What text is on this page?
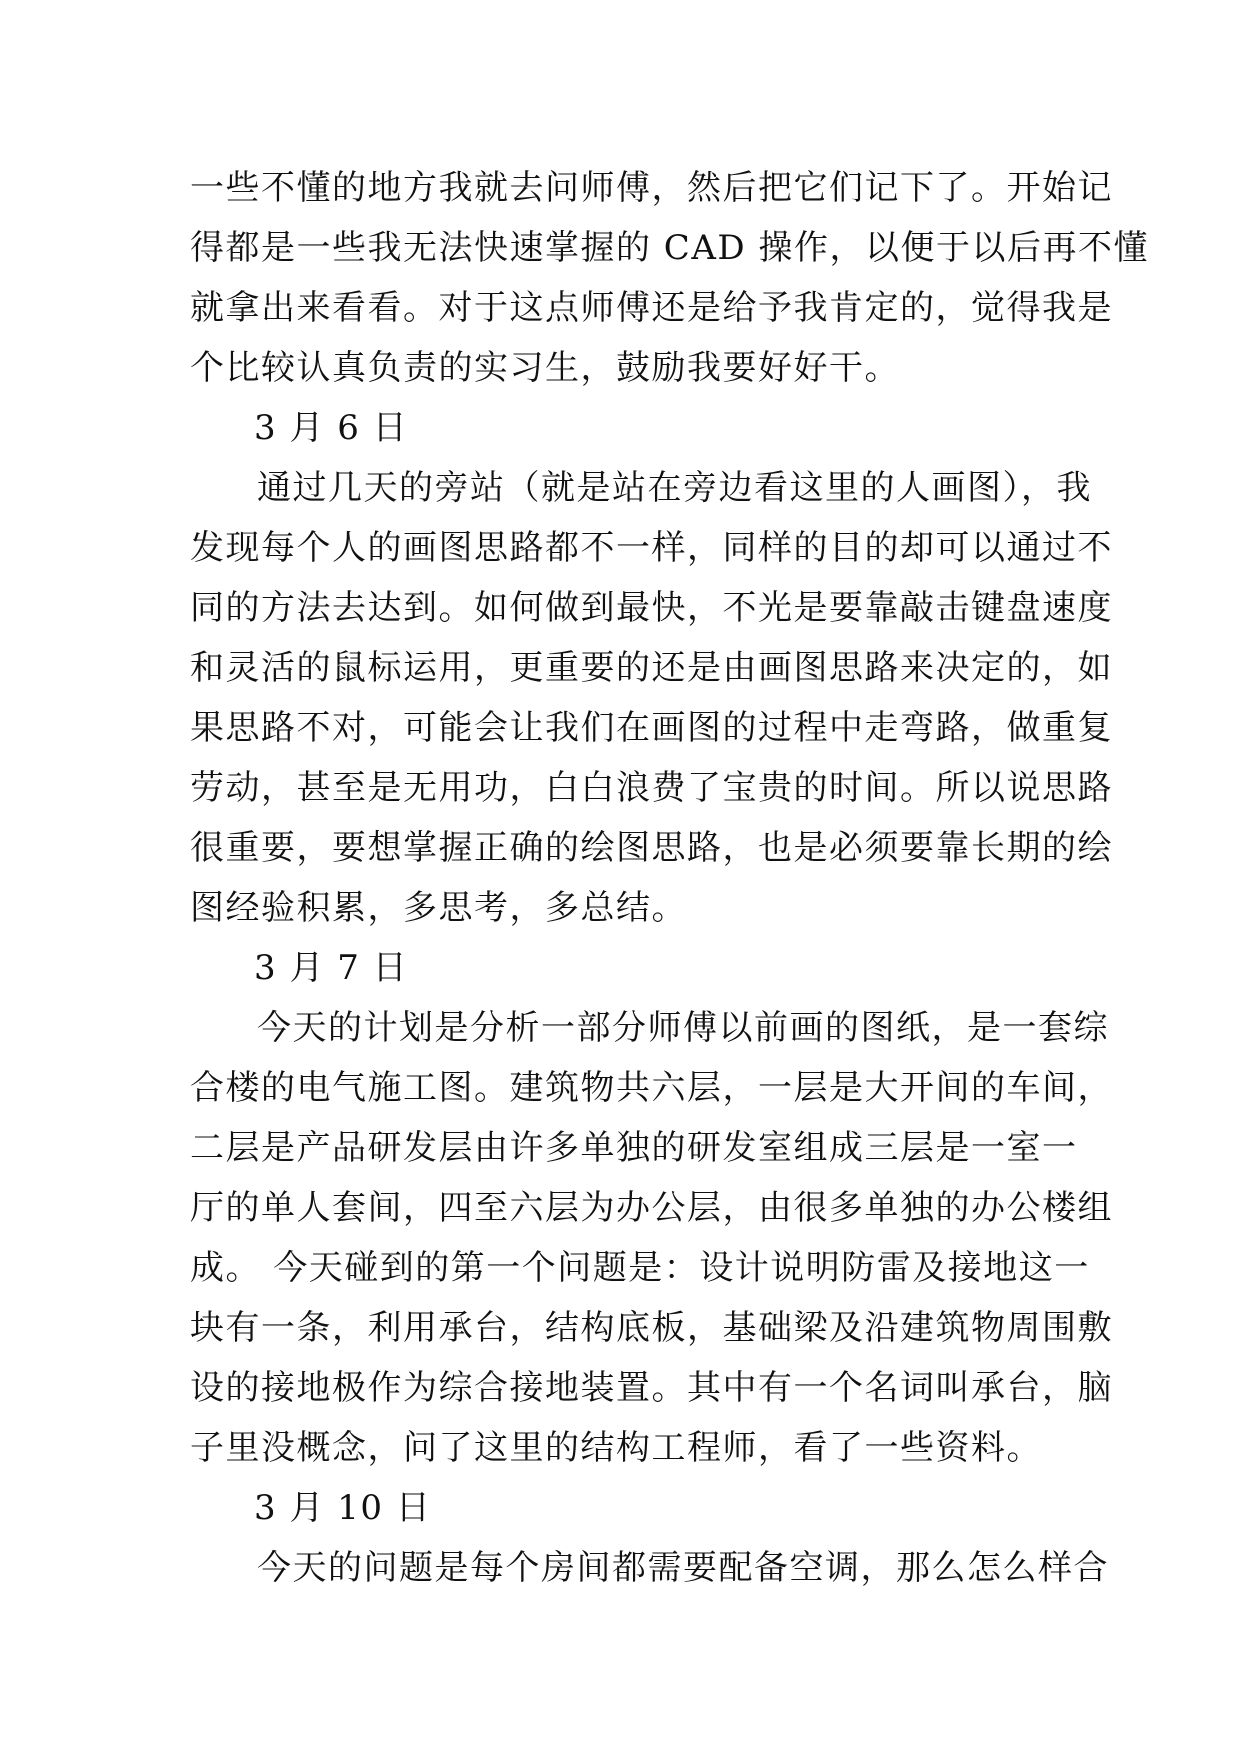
一些不懂的地方我就去问师傅，然后把它们记下了。开始记
得都是一些我无法快速掌握的 CAD 操作，以便于以后再不懂
就拿出来看看。对于这点师傅还是给予我肯定的，觉得我是
个比较认真负责的实习生，鼓励我要好好干。
3 月 6 日
通过几天的旁站（就是站在旁边看这里的人画图），我
发现每个人的画图思路都不一样，同样的目的却可以通过不
同的方法去达到。如何做到最快，不光是要靠敲击键盘速度
和灵活的鼠标运用，更重要的还是由画图思路来决定的，如
果思路不对，可能会让我们在画图的过程中走弯路，做重复
劳动，甚至是无用功，白白浪费了宝贵的时间。所以说思路
很重要，要想掌握正确的绘图思路，也是必须要靠长期的绘
图经验积累，多思考，多总结。
3 月 7 日
今天的计划是分析一部分师傅以前画的图纸，是一套综
合楼的电气施工图。建筑物共六层，一层是大开间的车间，
二层是产品研发层由许多单独的研发室组成三层是一室一
厅的单人套间，四至六层为办公层，由很多单独的办公楼组
成。 今天碰到的第一个问题是：设计说明防雷及接地这一
块有一条，利用承台，结构底板，基础梁及沿建筑物周围敷
设的接地极作为综合接地装置。其中有一个名词叫承台，脑
子里没概念，问了这里的结构工程师，看了一些资料。
3 月 10 日
今天的问题是每个房间都需要配备空调，那么怎么样合
